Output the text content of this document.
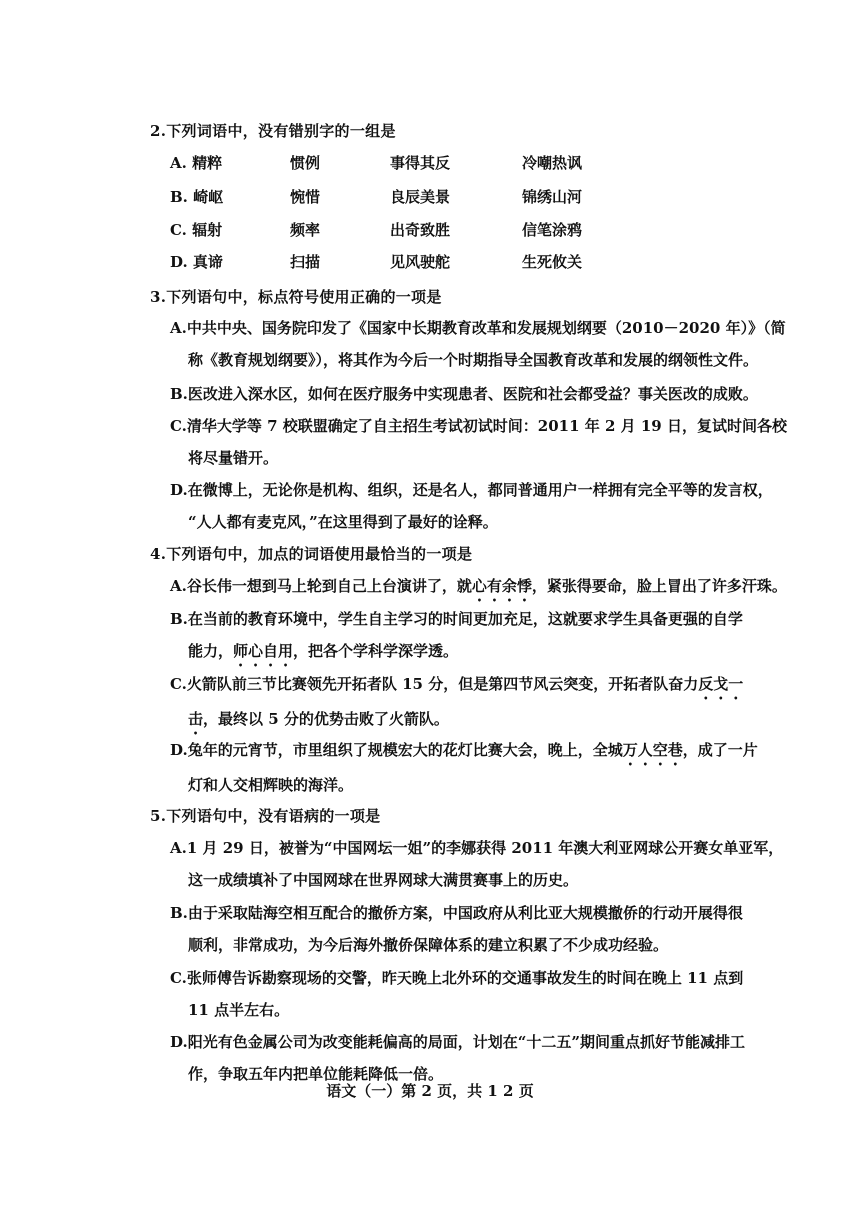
2.下列词语中，没有错别字的一组是
A. 精粹	惯例	事得其反	冷嘲热讽
B. 崎岖	惋惜	良辰美景	锦绣山河
C. 辐射	频率	出奇致胜	信笔涂鸦
D. 真谛	扫描	见风驶舵	生死攸关
3.下列语句中，标点符号使用正确的一项是
A.中共中央、国务院印发了《国家中长期教育改革和发展规划纲要（2010－2020 年）》（简
称《教育规划纲要》），将其作为今后一个时期指导全国教育改革和发展的纲领性文件。
B.医改进入深水区，如何在医疗服务中实现患者、医院和社会都受益？事关医改的成败。
C.清华大学等 7 校联盟确定了自主招生考试初试时间：2011 年 2 月 19 日，复试时间各校
将尽量错开。
D.在微博上，无论你是机构、组织，还是名人，都同普通用户一样拥有完全平等的发言权，
“人人都有麦克风，”在这里得到了最好的诠释。
4.下列语句中，加点的词语使用最恰当的一项是
A.谷长伟一想到马上轮到自己上台演讲了，就心有余悸，紧张得要命，脸上冒出了许多汗珠。
B.在当前的教育环境中，学生自主学习的时间更加充足，这就要求学生具备更强的自学
能力，师心自用，把各个学科学深学透。
C.火箭队前三节比赛领先开拓者队 15 分，但是第四节风云突变，开拓者队奋力反戈一
击，最终以 5 分的优势击败了火箭队。
D.兔年的元宵节，市里组织了规模宏大的花灯比赛大会，晚上，全城万人空巷，成了一片
灯和人交相辉映的海洋。
5.下列语句中，没有语病的一项是
A.1 月 29 日，被誉为“中国网坛一姐”的李娜获得 2011 年澳大利亚网球公开赛女单亚军，
这一成绩填补了中国网球在世界网球大满贯赛事上的历史。
B.由于采取陆海空相互配合的撤侨方案，中国政府从利比亚大规模撤侨的行动开展得很
顺利，非常成功，为今后海外撤侨保障体系的建立积累了不少成功经验。
C.张师傅告诉勘察现场的交警，昨天晚上北外环的交通事故发生的时间在晚上 11 点到
11 点半左右。
D.阳光有色金属公司为改变能耗偏高的局面，计划在“十二五”期间重点抓好节能减排工
作，争取五年内把单位能耗降低一倍。
语文（一）第 2 页，共 1 2 页
